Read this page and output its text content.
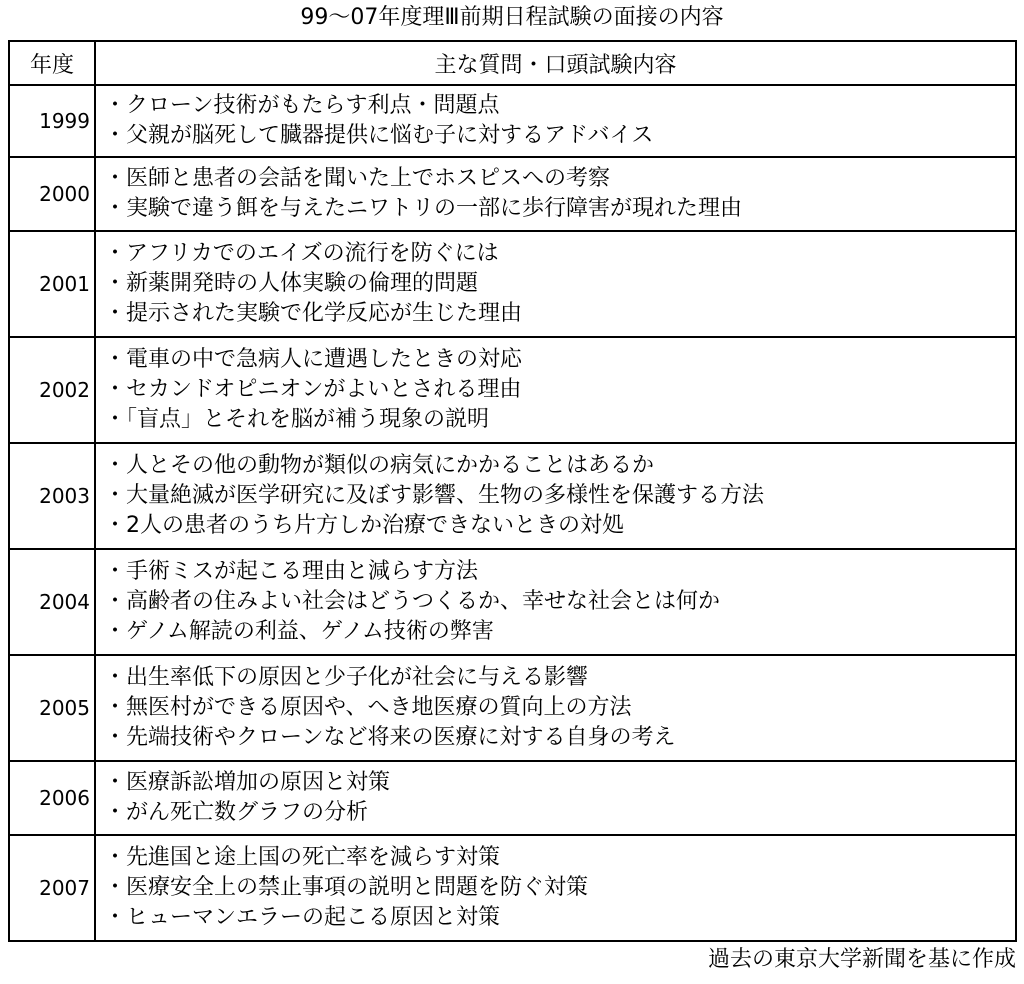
99～07年度理Ⅲ前期日程試験の面接の内容
年度	主な質問・口頭試験内容
1999	・クローン技術がもたらす利点・問題点
・父親が脳死して臓器提供に悩む子に対するアドバイス

2000	・医師と患者の会話を聞いた上でホスピスへの考察
・実験で違う餌を与えたニワトリの一部に歩行障害が現れた理由

2001	・アフリカでのエイズの流行を防ぐには
・新薬開発時の人体実験の倫理的問題
・提示された実験で化学反応が生じた理由

2002	・電車の中で急病人に遭遇したときの対応
・セカンドオピニオンがよいとされる理由
・「盲点」とそれを脳が補う現象の説明

2003	・人とその他の動物が類似の病気にかかることはあるか
・大量絶滅が医学研究に及ぼす影響、生物の多様性を保護する方法
・2人の患者のうち片方しか治療できないときの対処

2004	・手術ミスが起こる理由と減らす方法
・高齢者の住みよい社会はどうつくるか、幸せな社会とは何か
・ゲノム解読の利益、ゲノム技術の弊害

2005	・出生率低下の原因と少子化が社会に与える影響
・無医村ができる原因や、へき地医療の質向上の方法
・先端技術やクローンなど将来の医療に対する自身の考え

2006	・医療訴訟増加の原因と対策
・がん死亡数グラフの分析

2007	・先進国と途上国の死亡率を減らす対策
・医療安全上の禁止事項の説明と問題を防ぐ対策
・ヒューマンエラーの起こる原因と対策
過去の東京大学新聞を基に作成
